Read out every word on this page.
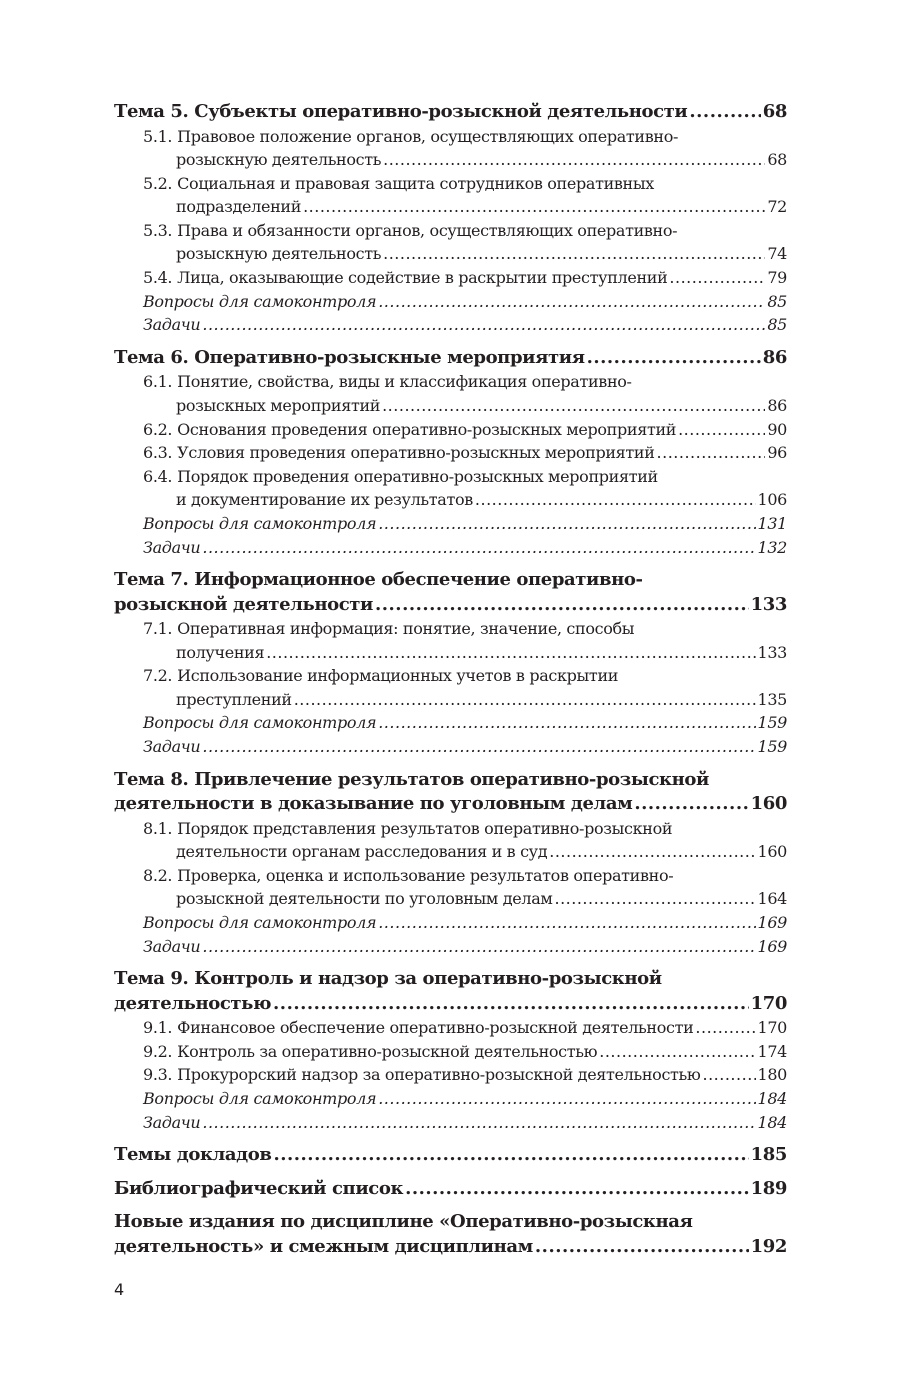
Тема 5. Субъекты оперативно-розыскной деятельности .....	68
5.1. Правовое положение органов, осуществляющих оперативно-
розыскную деятельность .....	68
5.2. Социальная и правовая защита сотрудников оперативных
подразделений .....	72
5.3. Права и обязанности органов, осуществляющих оперативно-
розыскную деятельность .....	74
5.4. Лица, оказывающие содействие в раскрытии преступлений .....	79
Вопросы для самоконтроля .....	85
Задачи .....	85
Тема 6. Оперативно-розыскные мероприятия .....	86
6.1. Понятие, свойства, виды и классификация оперативно-
розыскных мероприятий .....	86
6.2. Основания проведения оперативно-розыскных мероприятий .....	90
6.3. Условия проведения оперативно-розыскных мероприятий .....	96
6.4. Порядок проведения оперативно-розыскных мероприятий
и документирование их результатов .....	106
Вопросы для самоконтроля .....	131
Задачи .....	132
Тема 7. Информационное обеспечение оперативно-
розыскной деятельности .....	133
7.1. Оперативная информация: понятие, значение, способы
получения .....	133
7.2. Использование информационных учетов в раскрытии
преступлений .....	135
Вопросы для самоконтроля .....	159
Задачи .....	159
Тема 8. Привлечение результатов оперативно-розыскной
деятельности в доказывание по уголовным делам .....	160
8.1. Порядок представления результатов оперативно-розыскной
деятельности органам расследования и в суд .....	160
8.2. Проверка, оценка и использование результатов оперативно-
розыскной деятельности по уголовным делам .....	164
Вопросы для самоконтроля .....	169
Задачи .....	169
Тема 9. Контроль и надзор за оперативно-розыскной
деятельностью .....	170
9.1. Финансовое обеспечение оперативно-розыскной деятельности .....	170
9.2. Контроль за оперативно-розыскной деятельностью .....	174
9.3. Прокурорский надзор за оперативно-розыскной деятельностью .....	180
Вопросы для самоконтроля .....	184
Задачи .....	184
Темы докладов .....	185
Библиографический список .....	189
Новые издания по дисциплине «Оперативно-розыскная
деятельность» и смежным дисциплинам .....	192
4
